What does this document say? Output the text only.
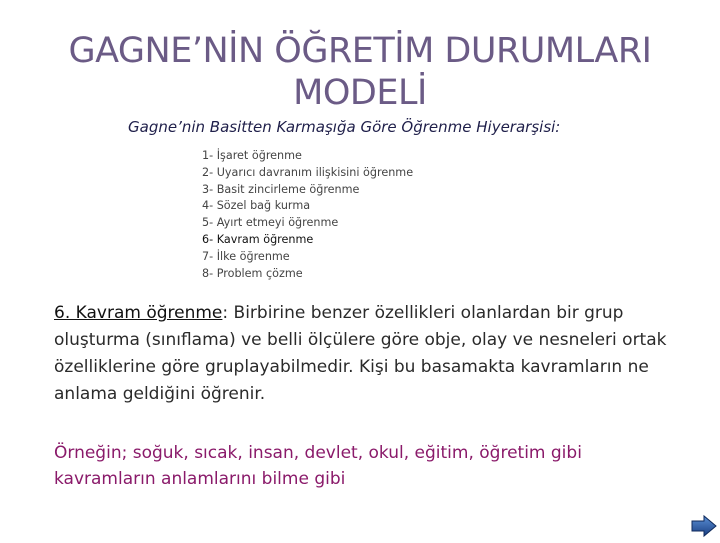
GAGNE’NİN ÖĞRETİM DURUMLARI
MODELİ
Gagne’nin Basitten Karmaşığa Göre Öğrenme Hiyerarşisi:
1- İşaret öğrenme
2- Uyarıcı davranım ilişkisini öğrenme
3- Basit zincirleme öğrenme
4- Sözel bağ kurma
5- Ayırt etmeyi öğrenme
6- Kavram öğrenme
7- İlke öğrenme
8- Problem çözme
6. Kavram öğrenme: Birbirine benzer özellikleri olanlardan bir grup oluşturma (sınıflama) ve belli ölçülere göre obje, olay ve nesneleri ortak özelliklerine göre gruplayabilmedir. Kişi bu basamakta kavramların ne anlama geldiğini öğrenir.
Örneğin; soğuk, sıcak, insan, devlet, okul, eğitim, öğretim gibi kavramların anlamlarını bilme gibi
